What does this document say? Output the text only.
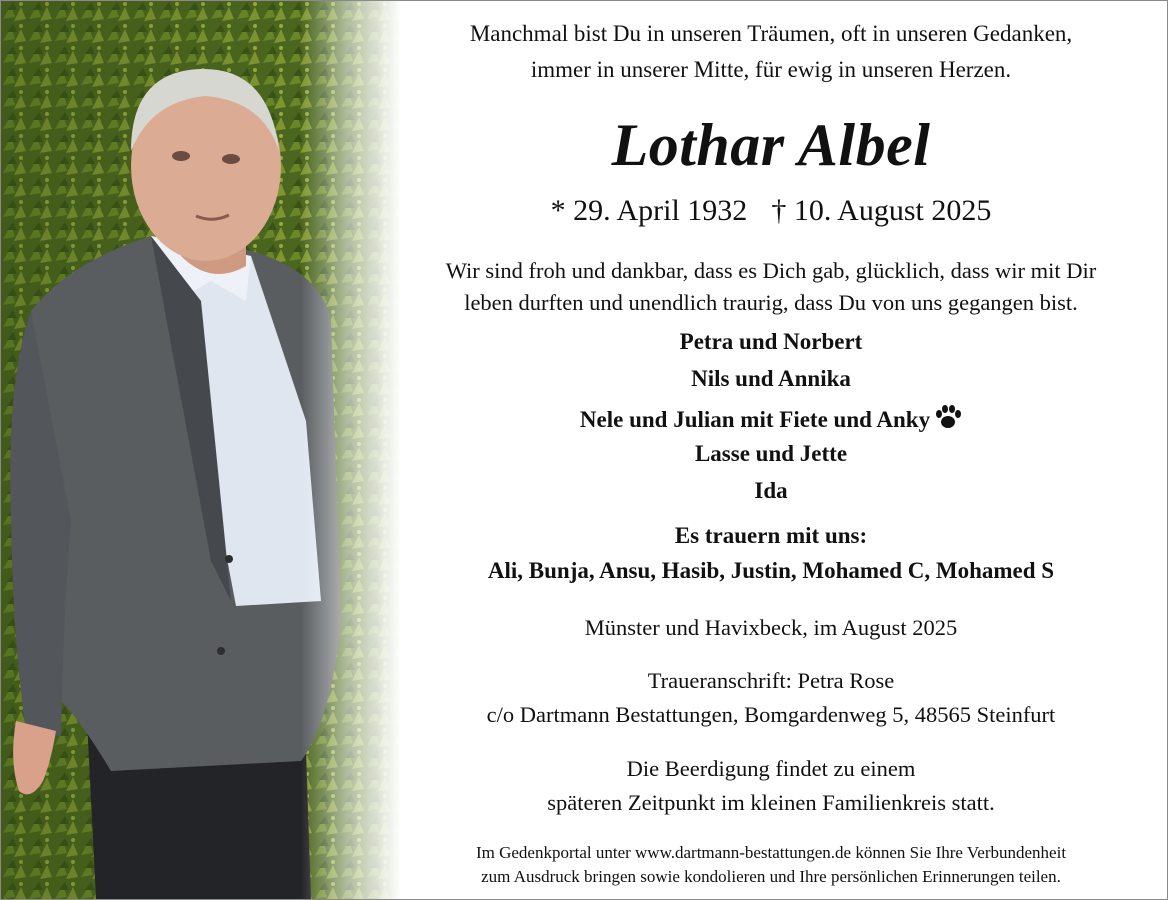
Manchmal bist Du in unseren Träumen, oft in unseren Gedanken,
immer in unserer Mitte, für ewig in unseren Herzen.
Lothar Albel
* 29. April 1932 † 10. August 2025
Wir sind froh und dankbar, dass es Dich gab, glücklich, dass wir mit Dir
leben durften und unendlich traurig, dass Du von uns gegangen bist.
Petra und Norbert
Nils und Annika
Nele und Julian mit Fiete und Anky
Lasse und Jette
Ida
Es trauern mit uns:
Ali, Bunja, Ansu, Hasib, Justin, Mohamed C, Mohamed S
Münster und Havixbeck, im August 2025
Traueranschrift: Petra Rose
c/o Dartmann Bestattungen, Bomgardenweg 5, 48565 Steinfurt
Die Beerdigung findet zu einem
späteren Zeitpunkt im kleinen Familienkreis statt.
Im Gedenkportal unter www.dartmann-bestattungen.de können Sie Ihre Verbundenheit
zum Ausdruck bringen sowie kondolieren und Ihre persönlichen Erinnerungen teilen.
